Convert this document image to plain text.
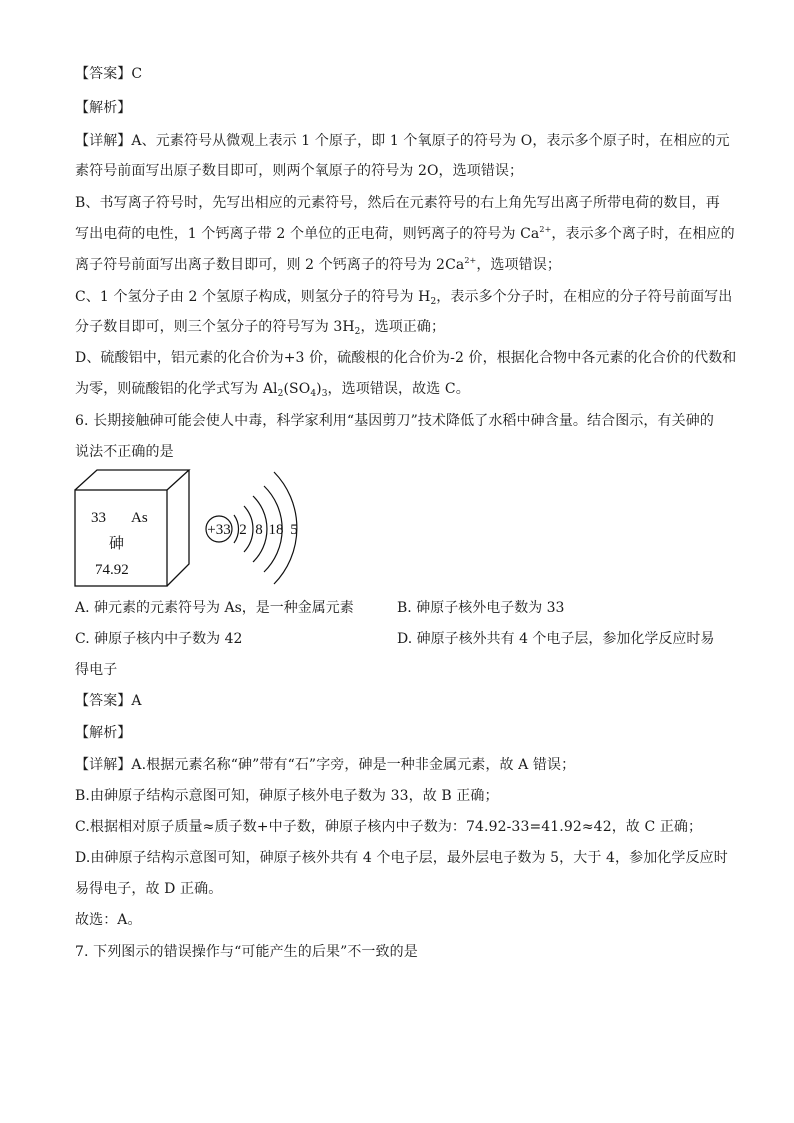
【答案】C
【解析】
【详解】A、元素符号从微观上表示 1 个原子，即 1 个氧原子的符号为 O，表示多个原子时，在相应的元
素符号前面写出原子数目即可，则两个氧原子的符号为 2O，选项错误；
B、书写离子符号时，先写出相应的元素符号，然后在元素符号的右上角先写出离子所带电荷的数目，再
写出电荷的电性，1 个钙离子带 2 个单位的正电荷，则钙离子的符号为 $Ca^{2+}$，表示多个离子时，在相应的
离子符号前面写出离子数目即可，则 2 个钙离子的符号为 $2Ca^{2+}$，选项错误；
C、1 个氢分子由 2 个氢原子构成，则氢分子的符号为 $H_2$，表示多个分子时，在相应的分子符号前面写出
分子数目即可，则三个氢分子的符号写为 $3H_2$，选项正确；
D、硫酸铝中，铝元素的化合价为+3 价，硫酸根的化合价为-2 价，根据化合物中各元素的化合价的代数和
为零，则硫酸铝的化学式写为 $Al_2(SO_4)_3$，选项错误，故选 C。
6. 长期接触砷可能会使人中毒，科学家利用“基因剪刀”技术降低了水稻中砷含量。结合图示，有关砷的
说法不正确的是
33 As
砷
74.92
+33 2 8 18 5
A. 砷元素的元素符号为 As，是一种金属元素	B. 砷原子核外电子数为 33
C. 砷原子核内中子数为 42	D. 砷原子核外共有 4 个电子层，参加化学反应时易
得电子
【答案】A
【解析】
【详解】A.根据元素名称“砷”带有“石”字旁，砷是一种非金属元素，故 A 错误；
B.由砷原子结构示意图可知，砷原子核外电子数为 33，故 B 正确；
C.根据相对原子质量≈质子数+中子数，砷原子核内中子数为：74.92-33=41.92≈42，故 C 正确；
D.由砷原子结构示意图可知，砷原子核外共有 4 个电子层，最外层电子数为 5，大于 4，参加化学反应时
易得电子，故 D 正确。
故选：A。
7. 下列图示的错误操作与“可能产生的后果”不一致的是
